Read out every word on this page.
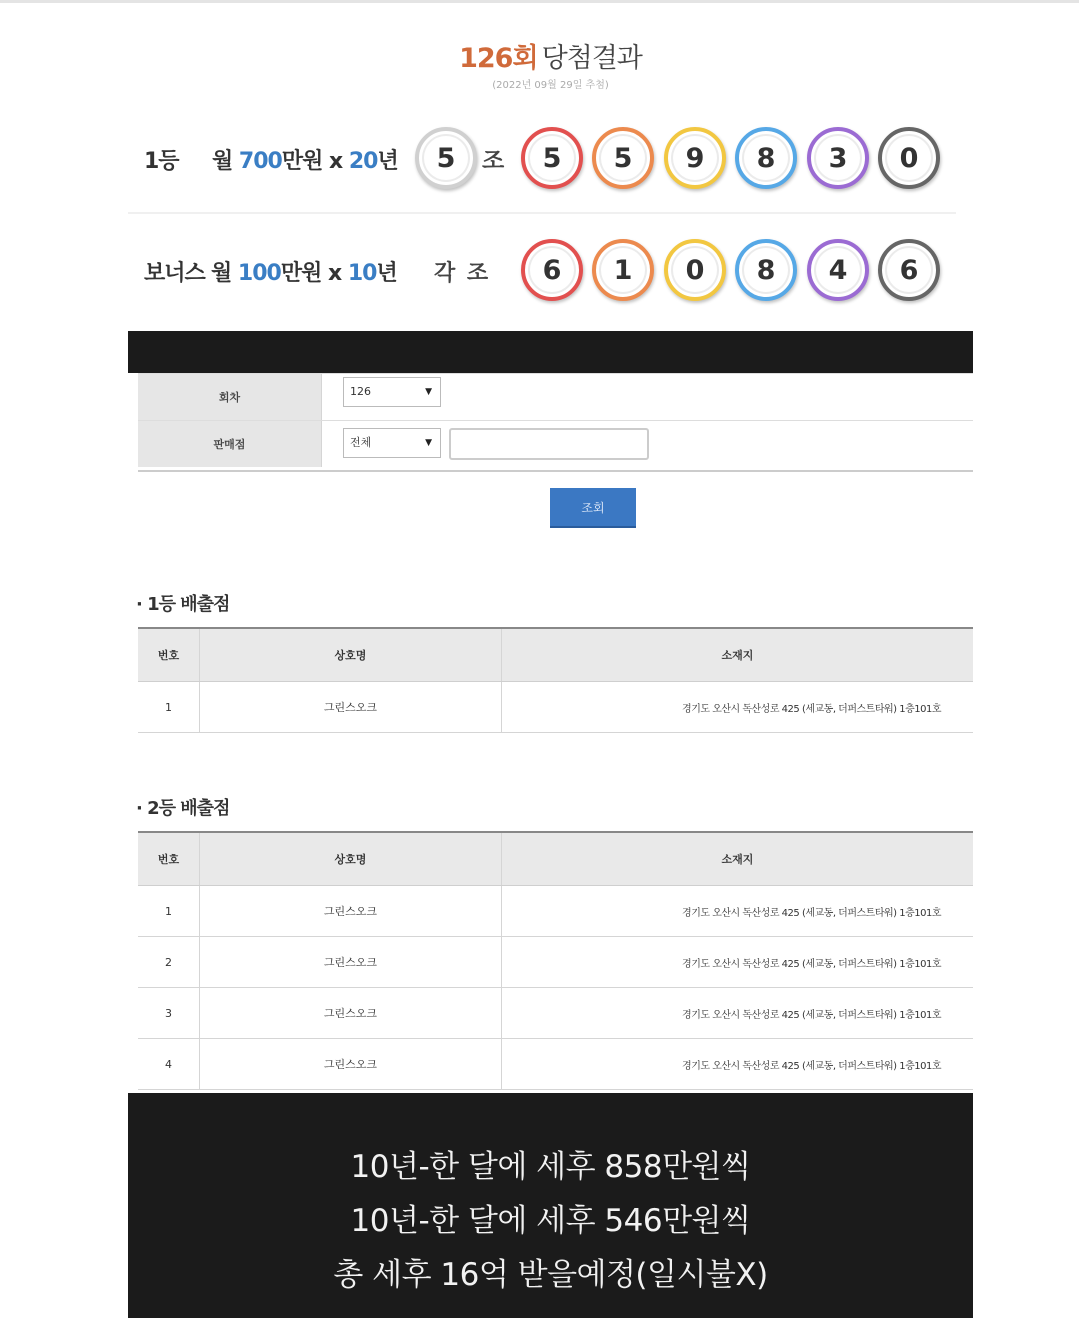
126회 당첨결과
(2022년 09월 29일 추첨)
1등 월 700만원 x 20년	5	조	5	5	9	8	3	0
보너스 월 100만원 x 10년 각 조	6	1	0	8	4	6
회차	126	▼
판매점	전체	▼
조회
· 1등 배출점
번호	상호명	소재지
1	그린스오크	경기도 오산시 독산성로 425 (세교동, 더퍼스트타워) 1층101호
· 2등 배출점
번호	상호명	소재지
1	그린스오크	경기도 오산시 독산성로 425 (세교동, 더퍼스트타워) 1층101호
2	그린스오크	경기도 오산시 독산성로 425 (세교동, 더퍼스트타워) 1층101호
3	그린스오크	경기도 오산시 독산성로 425 (세교동, 더퍼스트타워) 1층101호
4	그린스오크	경기도 오산시 독산성로 425 (세교동, 더퍼스트타워) 1층101호
10년-한 달에 세후 858만원씩
10년-한 달에 세후 546만원씩
총 세후 16억 받을예정(일시불X)
